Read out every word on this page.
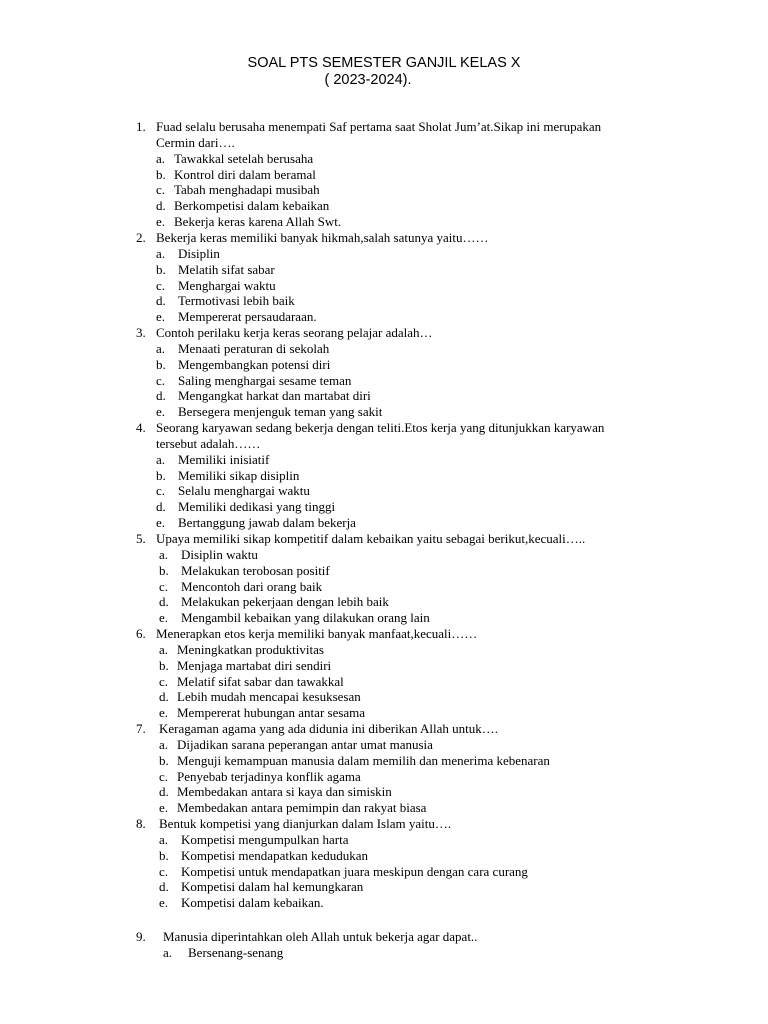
SOAL PTS SEMESTER GANJIL KELAS X
( 2023-2024).
1. Fuad selalu berusaha menempati Saf pertama saat Sholat Jum’at.Sikap ini merupakan
Cermin dari….
a. Tawakkal setelah berusaha
b. Kontrol diri dalam beramal
c. Tabah menghadapi musibah
d. Berkompetisi dalam kebaikan
e. Bekerja keras karena Allah Swt.
2. Bekerja keras memiliki banyak hikmah,salah satunya yaitu……
a. Disiplin
b. Melatih sifat sabar
c. Menghargai waktu
d. Termotivasi lebih baik
e. Mempererat persaudaraan.
3. Contoh perilaku kerja keras seorang pelajar adalah…
a. Menaati peraturan di sekolah
b. Mengembangkan potensi diri
c. Saling menghargai sesame teman
d. Mengangkat harkat dan martabat diri
e. Bersegera menjenguk teman yang sakit
4. Seorang karyawan sedang bekerja dengan teliti.Etos kerja yang ditunjukkan karyawan
tersebut adalah……
a. Memiliki inisiatif
b. Memiliki sikap disiplin
c. Selalu menghargai waktu
d. Memiliki dedikasi yang tinggi
e. Bertanggung jawab dalam bekerja
5. Upaya memiliki sikap kompetitif dalam kebaikan yaitu sebagai berikut,kecuali…..
a. Disiplin waktu
b. Melakukan terobosan positif
c. Mencontoh dari orang baik
d. Melakukan pekerjaan dengan lebih baik
e. Mengambil kebaikan yang dilakukan orang lain
6. Menerapkan etos kerja memiliki banyak manfaat,kecuali……
a. Meningkatkan produktivitas
b. Menjaga martabat diri sendiri
c. Melatif sifat sabar dan tawakkal
d. Lebih mudah mencapai kesuksesan
e. Mempererat hubungan antar sesama
7. Keragaman agama yang ada didunia ini diberikan Allah untuk….
a. Dijadikan sarana peperangan antar umat manusia
b. Menguji kemampuan manusia dalam memilih dan menerima kebenaran
c. Penyebab terjadinya konflik agama
d. Membedakan antara si kaya dan simiskin
e. Membedakan antara pemimpin dan rakyat biasa
8. Bentuk kompetisi yang dianjurkan dalam Islam yaitu….
a. Kompetisi mengumpulkan harta
b. Kompetisi mendapatkan kedudukan
c. Kompetisi untuk mendapatkan juara meskipun dengan cara curang
d. Kompetisi dalam hal kemungkaran
e. Kompetisi dalam kebaikan.
9. Manusia diperintahkan oleh Allah untuk bekerja agar dapat..
a. Bersenang-senang
